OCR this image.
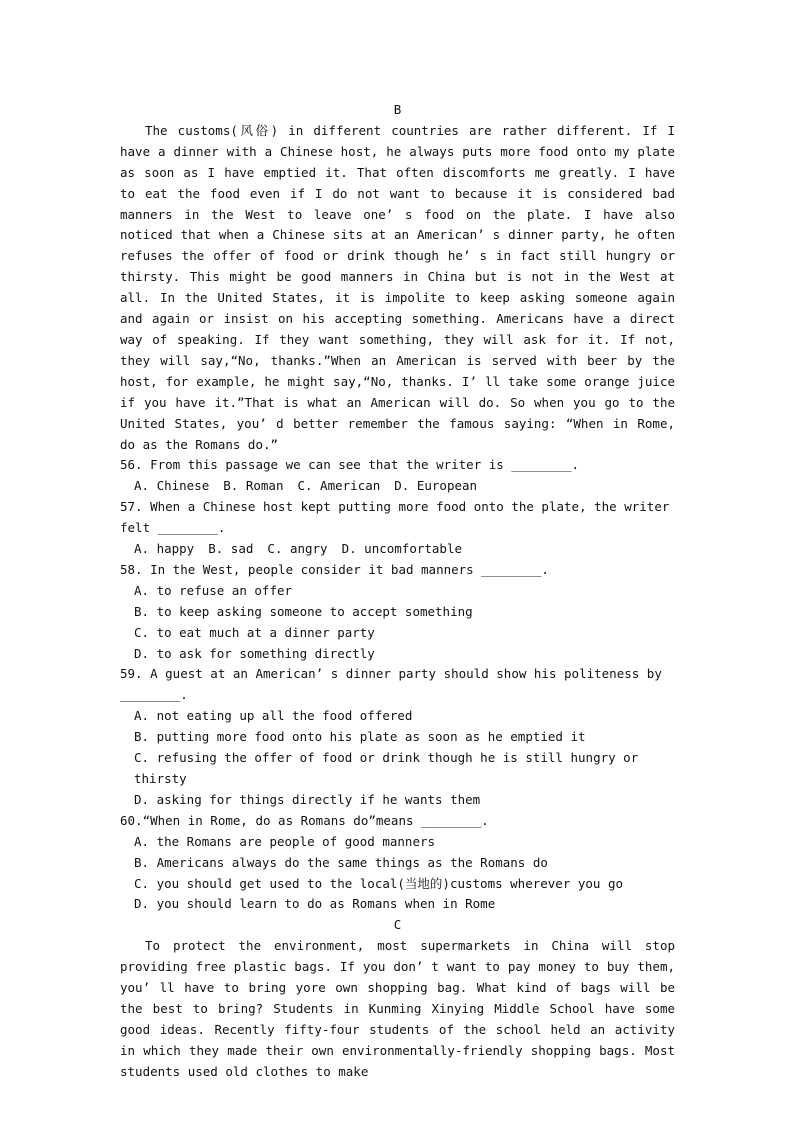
B
The customs(风俗) in different countries are rather different. If I have a dinner with a Chinese host, he always puts more food onto my plate as soon as I have emptied it. That often discomforts me greatly. I have to eat the food even if I do not want to because it is considered bad manners in the West to leave one’ s food on the plate. I have also noticed that when a Chinese sits at an American’ s dinner party, he often refuses the offer of food or drink though he’ s in fact still hungry or thirsty. This might be good manners in China but is not in the West at all. In the United States, it is impolite to keep asking someone again and again or insist on his accepting something. Americans have a direct way of speaking. If they want something, they will ask for it. If not, they will say,“No, thanks.”When an American is served with beer by the host, for example, he might say,“No, thanks. I’ ll take some orange juice if you have it.”That is what an American will do. So when you go to the United States, you’ d better remember the famous saying: “When in Rome, do as the Romans do.”
56. From this passage we can see that the writer is ________.
A. Chinese B. Roman C. American D. European
57. When a Chinese host kept putting more food onto the plate, the writer felt ________.
A. happy B. sad C. angry D. uncomfortable
58. In the West, people consider it bad manners ________.
A. to refuse an offer
B. to keep asking someone to accept something
C. to eat much at a dinner party
D. to ask for something directly
59. A guest at an American’ s dinner party should show his politeness by ________.
A. not eating up all the food offered
B. putting more food onto his plate as soon as he emptied it
C. refusing the offer of food or drink though he is still hungry or thirsty
D. asking for things directly if he wants them
60.“When in Rome, do as Romans do”means ________.
A. the Romans are people of good manners
B. Americans always do the same things as the Romans do
C. you should get used to the local(当地的)customs wherever you go
D. you should learn to do as Romans when in Rome
C
To protect the environment, most supermarkets in China will stop providing free plastic bags. If you don’ t want to pay money to buy them, you’ ll have to bring yore own shopping bag. What kind of bags will be the best to bring? Students in Kunming Xinying Middle School have some good ideas. Recently fifty-four students of the school held an activity in which they made their own environmentally-friendly shopping bags. Most students used old clothes to make
